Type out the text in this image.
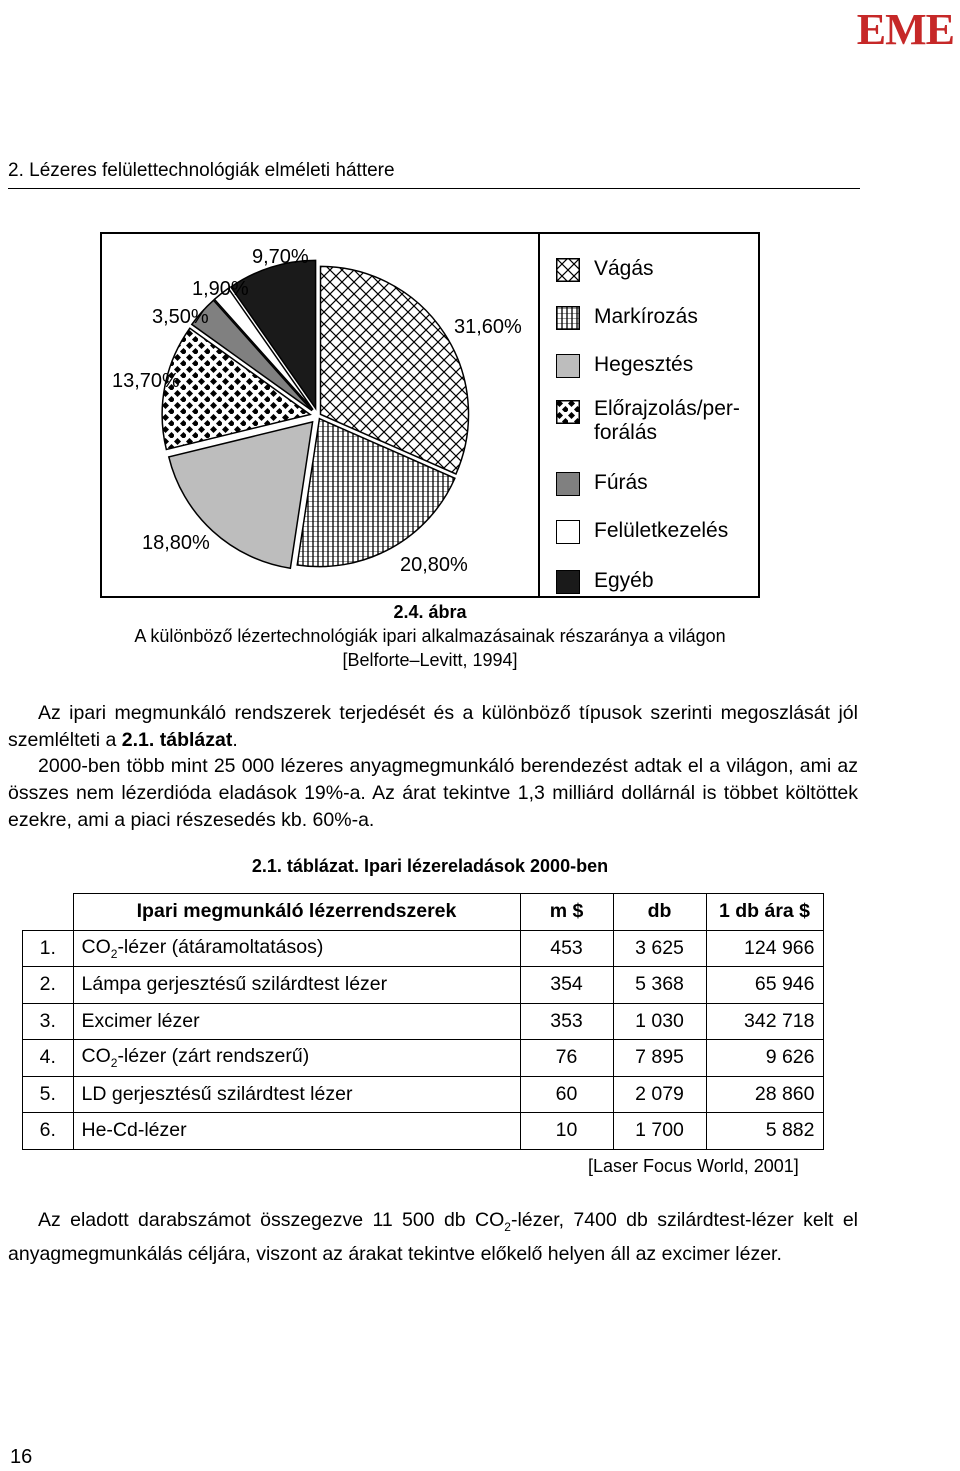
EME
2. Lézeres felülettechnológiák elméleti háttere
31,60%
20,80%
18,80%
13,70%
3,50%
1,90%
9,70%	Vágás
Markírozás
Hegesztés
Előrajzolás/per-
forálás
Fúrás
Felületkezelés
Egyéb
2.4. ábra
A különböző lézertechnológiák ipari alkalmazásainak részaránya a világon
[Belforte–Levitt, 1994]

Az ipari megmunkáló rendszerek terjedését és a különböző típusok szerinti megoszlását jól szemlélteti a 2.1. táblázat.

2000-ben több mint 25 000 lézeres anyagmegmunkáló berendezést adtak el a világon, ami az összes nem lézerdióda eladások 19%-a. Az árat tekintve 1,3 milliárd dollárnál is többet költöttek ezekre, ami a piaci részesedés kb. 60%-a.

2.1. táblázat. Ipari lézereladások 2000-ben
	Ipari megmunkáló lézerrendszerek	m $	db	1 db ára $
1.	$CO_2$-lézer (átáramoltatásos)	453	3 625	124 966
2.	Lámpa gerjesztésű szilárdtest lézer	354	5 368	65 946
3.	Excimer lézer	353	1 030	342 718
4.	$CO_2$-lézer (zárt rendszerű)	76	7 895	9 626
5.	LD gerjesztésű szilárdtest lézer	60	2 079	28 860
6.	He-Cd-lézer	10	1 700	5 882
[Laser Focus World, 2001]

Az eladott darabszámot összegezve 11 500 db $CO_2$-lézer, 7400 db szilárdtest-lézer kelt el anyagmegmunkálás céljára, viszont az árakat tekintve előkelő helyen áll az excimer lézer.

16
